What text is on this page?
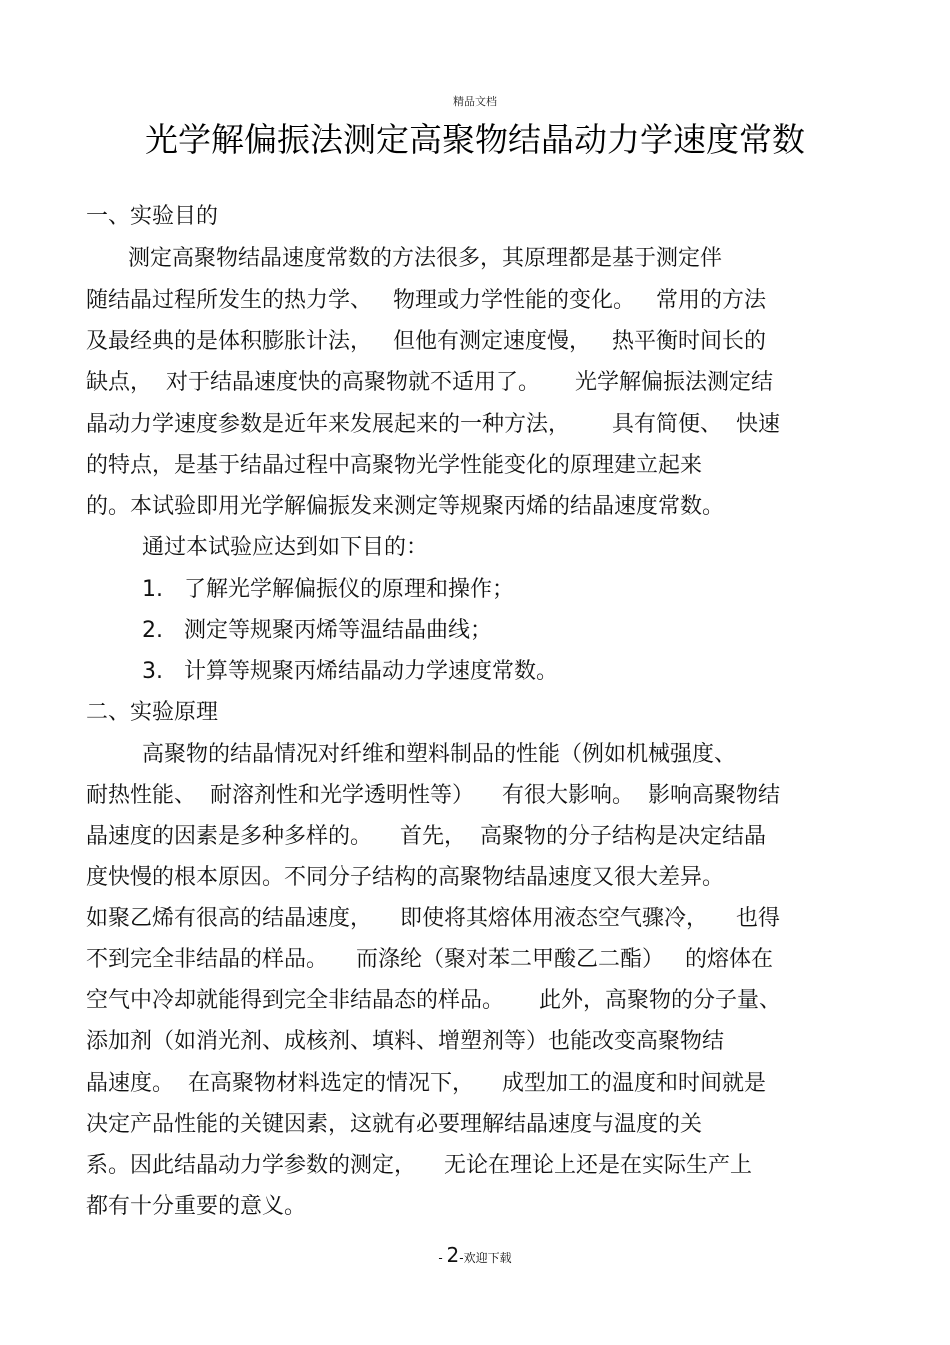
精品文档
光学解偏振法测定高聚物结晶动力学速度常数
一、实验目的
测定高聚物结晶速度常数的方法很多，其原理都是基于测定伴
随结晶过程所发生的热力学、   物理或力学性能的变化。   常用的方法
及最经典的是体积膨胀计法，   但他有测定速度慢，   热平衡时间长的
缺点，  对于结晶速度快的高聚物就不适用了。     光学解偏振法测定结
晶动力学速度参数是近年来发展起来的一种方法，      具有简便、  快速
的特点，是基于结晶过程中高聚物光学性能变化的原理建立起来
的。本试验即用光学解偏振发来测定等规聚丙烯的结晶速度常数。
通过本试验应达到如下目的：
1.   了解光学解偏振仪的原理和操作；
2.   测定等规聚丙烯等温结晶曲线；
3.   计算等规聚丙烯结晶动力学速度常数。
二、实验原理
高聚物的结晶情况对纤维和塑料制品的性能（例如机械强度、
耐热性能、  耐溶剂性和光学透明性等）    有很大影响。  影响高聚物结
晶速度的因素是多种多样的。    首先，  高聚物的分子结构是决定结晶
度快慢的根本原因。不同分子结构的高聚物结晶速度又很大差异。
如聚乙烯有很高的结晶速度，    即使将其熔体用液态空气骤冷，    也得
不到完全非结晶的样品。    而涤纶（聚对苯二甲酸乙二酯）   的熔体在
空气中冷却就能得到完全非结晶态的样品。     此外，高聚物的分子量、
添加剂（如消光剂、成核剂、填料、增塑剂等）也能改变高聚物结
晶速度。  在高聚物材料选定的情况下，    成型加工的温度和时间就是
决定产品性能的关键因素，这就有必要理解结晶速度与温度的关
系。因此结晶动力学参数的测定，    无论在理论上还是在实际生产上
都有十分重要的意义。
- 2-欢迎下载
